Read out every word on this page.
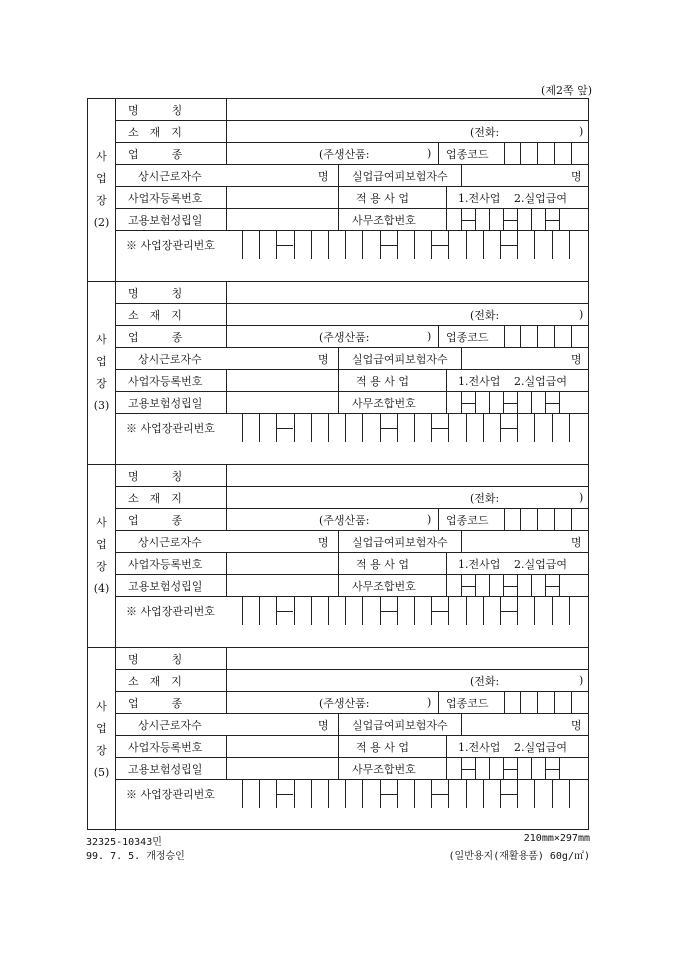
(제2쪽 앞)
사
업
장
(2)
명　　　칭
소　재　지	(전화:	)
업　　　종	(주생산품:	) 업종코드
상시근로자수	명 실업급여피보험자수	명
사업자등록번호	적 용 사 업	1.전사업 2.실업급여
고용보험성립일	사무조합번호
※ 사업장관리번호
사
업
장
(3)
명　　　칭
소　재　지	(전화:	)
업　　　종	(주생산품:	) 업종코드
상시근로자수	명 실업급여피보험자수	명
사업자등록번호	적 용 사 업	1.전사업 2.실업급여
고용보험성립일	사무조합번호
※ 사업장관리번호
사
업
장
(4)
명　　　칭
소　재　지	(전화:	)
업　　　종	(주생산품:	) 업종코드
상시근로자수	명 실업급여피보험자수	명
사업자등록번호	적 용 사 업	1.전사업 2.실업급여
고용보험성립일	사무조합번호
※ 사업장관리번호
사
업
장
(5)
명　　　칭
소　재　지	(전화:	)
업　　　종	(주생산품:	) 업종코드
상시근로자수	명 실업급여피보험자수	명
사업자등록번호	적 용 사 업	1.전사업 2.실업급여
고용보험성립일	사무조합번호
※ 사업장관리번호
32325-10343민
99. 7. 5. 개정승인
210mm×297mm
(일반용지(재활용품) 60g/㎡)
